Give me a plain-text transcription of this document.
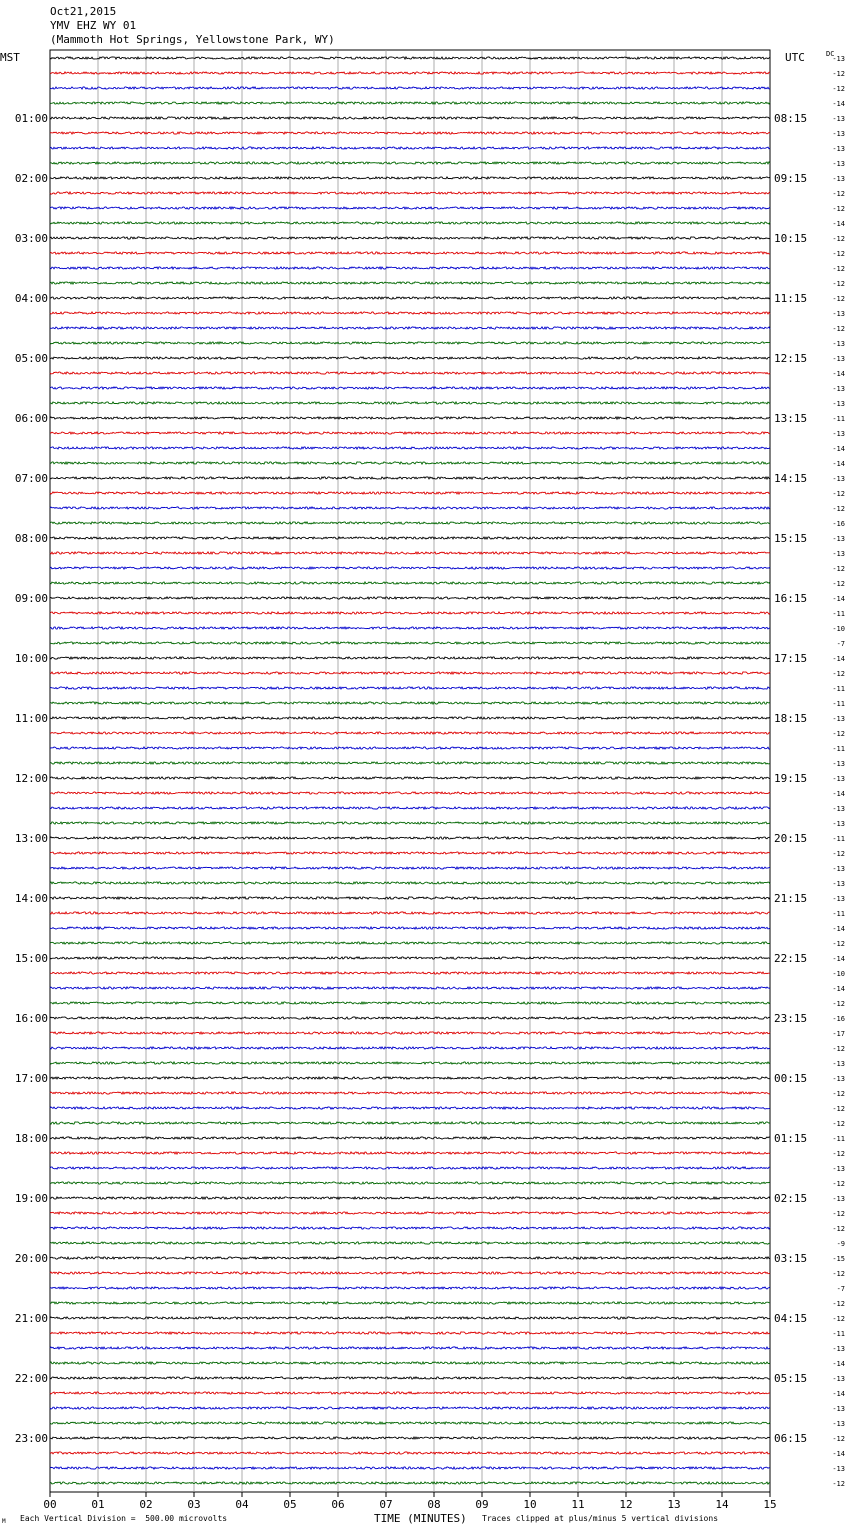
Oct21,2015
YMV EHZ WY 01
(Mammoth Hot Springs, Yellowstone Park, WY)
MST	UTC	DC
-13
-12
-12
-14
-13
-13
-13
-13
-13
-12
-12
-14
-12
-12
-12
-12
-12
-13
-12
-13
-13
-14
-13
-13
-11
-13
-14
-14
-13
-12
-12
-16
-13
-13
-12
-12
-14
-11
-10
-7
-14
-12
-11
-11
-13
-12
-11
-13
-13
-14
-13
-13
-11
-12
-13
-13
-13
-11
-14
-12
-14
-10
-14
-12
-16
-17
-12
-13
-13
-12
-12
-12
-11
-12
-13
-12
-13
-12
-12
-9
-15
-12
-7
-12
-12
-11
-13
-14
-13
-14
-13
-13
-12
-14
-13
-12
01:00	08:15
02:00	09:15
03:00	10:15
04:00	11:15
05:00	12:15
06:00	13:15
07:00	14:15
08:00	15:15
09:00	16:15
10:00	17:15
11:00	18:15
12:00	19:15
13:00	20:15
14:00	21:15
15:00	22:15
16:00	23:15
17:00	00:15
18:00	01:15
19:00	02:15
20:00	03:15
21:00	04:15
22:00	05:15
23:00	06:15
00	01	02	03	04	05	06	07	08	09	10	11	12	13	14	15
M Each Vertical Division =  500.00 microvolts	TIME (MINUTES) Traces clipped at plus/minus 5 vertical divisions
